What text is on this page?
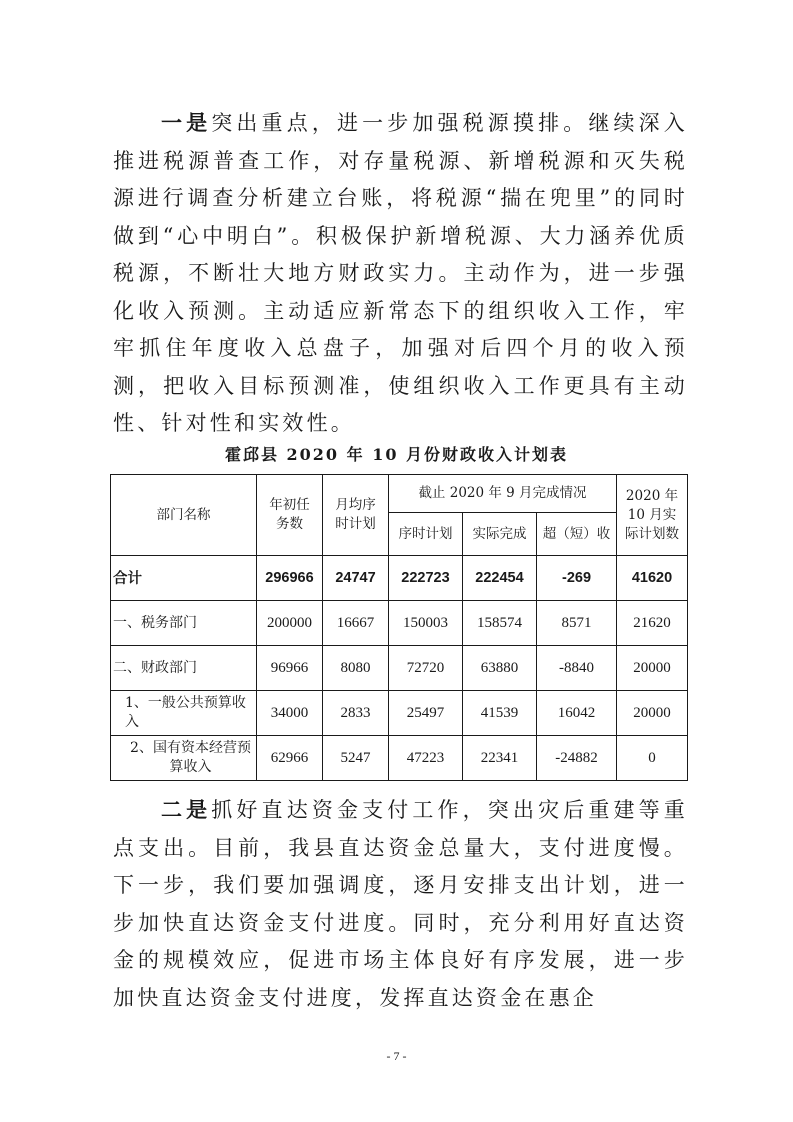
一是突出重点，进一步加强税源摸排。继续深入推进税源普查工作，对存量税源、新增税源和灭失税源进行调查分析建立台账，将税源“揣在兜里”的同时做到“心中明白”。积极保护新增税源、大力涵养优质税源，不断壮大地方财政实力。主动作为，进一步强化收入预测。主动适应新常态下的组织收入工作，牢牢抓住年度收入总盘子，加强对后四个月的收入预测，把收入目标预测准，使组织收入工作更具有主动性、针对性和实效性。

霍邱县 2020 年 10 月份财政收入计划表

部门名称	年初任务数	月均序时计划	截止 2020 年 9 月完成情况			2020 年 10 月实际计划数
			序时计划	实际完成	超（短）收	
合计	296966	24747	222723	222454	-269	41620
一、税务部门	200000	16667	150003	158574	8571	21620
二、财政部门	96966	8080	72720	63880	-8840	20000
1、一般公共预算收入	34000	2833	25497	41539	16042	20000
2、国有资本经营预算收入	62966	5247	47223	22341	-24882	0

二是抓好直达资金支付工作，突出灾后重建等重点支出。目前，我县直达资金总量大，支付进度慢。下一步，我们要加强调度，逐月安排支出计划，进一步加快直达资金支付进度。同时，充分利用好直达资金的规模效应，促进市场主体良好有序发展，进一步加快直达资金支付进度，发挥直达资金在惠企

- 7 -
